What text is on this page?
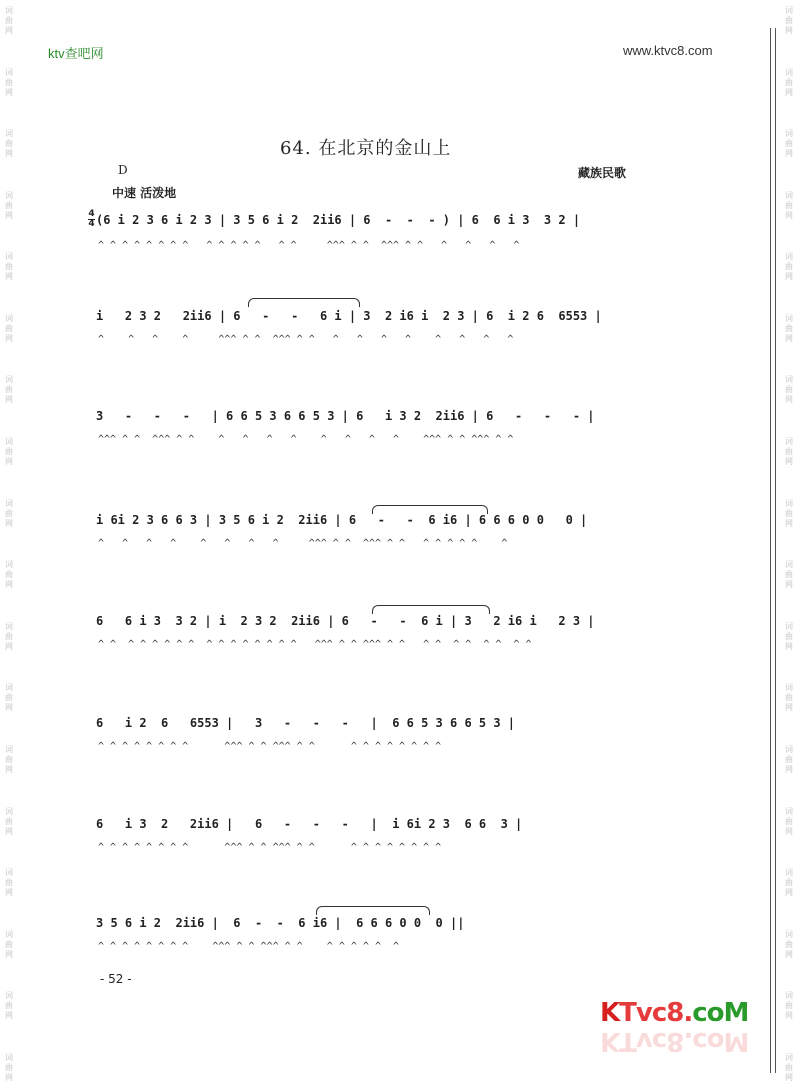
词
曲
网
词
曲
网
词
曲
网
词
曲
网
词
曲
网
词
曲
网
词
曲
网
词
曲
网
词
曲
网
词
曲
网
词
曲
网
词
曲
网
词
曲
网
词
曲
网
词
曲
网
词
曲
网
词
曲
网
词
曲
网
词
曲
网
词
曲
网
词
曲
网
词
曲
网
词
曲
网
词
曲
网
词
曲
网
词
曲
网
词
曲
网
词
曲
网
词
曲
网
词
曲
网
词
曲
网
词
曲
网
词
曲
网
词
曲
网
词
曲
网
词
曲
网
ktv查吧网	www.ktvc8.com
64. 在北京的金山上
D	藏族民歌
中速 活泼地
4
4 (6 i 2 3 6 i 2 3 | 3 5 6 i 2  2ii6 | 6  -  -  - ) | 6  6 i 3  3 2 |
^ ^ ^ ^ ^ ^ ^ ^   ^ ^ ^ ^ ^   ^ ^     ^^^ ^ ^  ^^^ ^ ^   ^   ^   ^   ^
i   2 3 2   2ii6 | 6   -   -   6 i | 3  2 i6 i  2 3 | 6  i 2 6  6553 |
^    ^   ^    ^     ^^^ ^ ^  ^^^ ^ ^   ^   ^   ^   ^    ^   ^   ^   ^
3   -   -   -   | 6 6 5 3 6 6 5 3 | 6   i 3 2  2ii6 | 6   -   -   - |
^^^ ^ ^  ^^^ ^ ^    ^   ^   ^   ^    ^   ^   ^   ^    ^^^ ^ ^ ^^^ ^ ^
i 6i 2 3 6 6 3 | 3 5 6 i 2  2ii6 | 6   -   -  6 i6 | 6 6 6 0 0   0 |
^   ^   ^   ^    ^   ^   ^   ^     ^^^ ^ ^  ^^^ ^ ^   ^ ^ ^ ^ ^    ^
6   6 i 3  3 2 | i  2 3 2  2ii6 | 6   -   -  6 i | 3   2 i6 i   2 3 |
^ ^  ^ ^ ^ ^ ^ ^  ^ ^ ^ ^ ^ ^ ^ ^   ^^^ ^ ^ ^^^ ^ ^   ^ ^  ^ ^  ^ ^  ^ ^
6   i 2  6   6553 |   3   -   -   -   |  6 6 5 3 6 6 5 3 |
^ ^ ^ ^ ^ ^ ^ ^      ^^^ ^ ^ ^^^ ^ ^      ^ ^ ^ ^ ^ ^ ^ ^
6   i 3  2   2ii6 |   6   -   -   -   |  i 6i 2 3  6 6  3 |
^ ^ ^ ^ ^ ^ ^ ^      ^^^ ^ ^ ^^^ ^ ^      ^ ^ ^ ^ ^ ^ ^ ^
3 5 6 i 2  2ii6 |  6  -  -  6 i6 |  6 6 6 0 0  0 ||
^ ^ ^ ^ ^ ^ ^ ^    ^^^ ^ ^ ^^^ ^ ^    ^ ^ ^ ^ ^  ^
- 52 -
KTvc8.coM
KTvc8.coM
